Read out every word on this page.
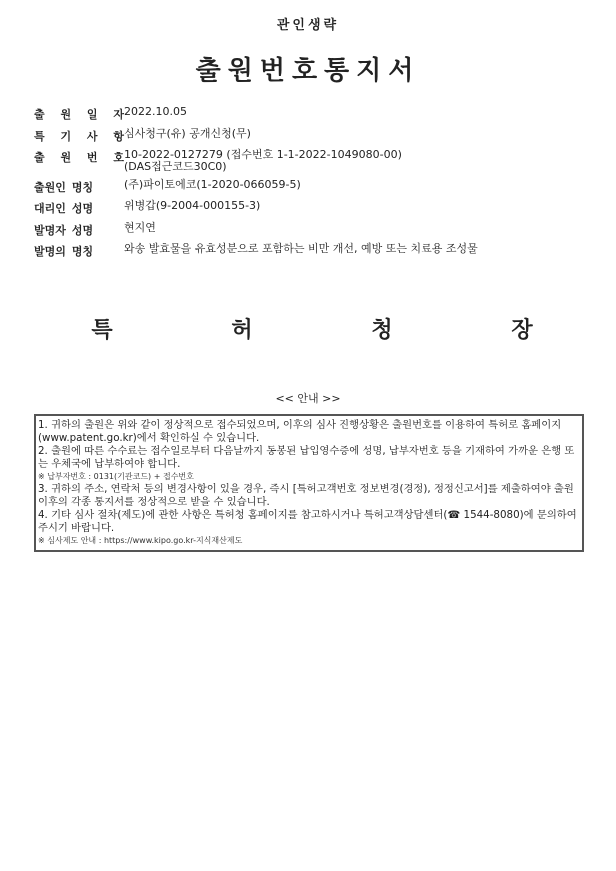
관인생략
출원번호통지서
출 원 일 자 2022.10.05
특 기 사 항 심사청구(유) 공개신청(무)
출 원 번 호 10-2022-0127279 (접수번호 1-1-2022-1049080-00)
(DAS접근코드30C0)
출원인 명칭	(주)파이토에코(1-2020-066059-5)
대리인 성명	위병갑(9-2004-000155-3)
발명자 성명	현지연
발명의 명칭	와송 발효물을 유효성분으로 포함하는 비만 개선, 예방 또는 치료용 조성물
특	허	청	장
<< 안내 >>

1. 귀하의 출원은 위와 같이 정상적으로 접수되었으며, 이후의 심사 진행상황은 출원번호를 이용하여 특허로 홈페이지(www.patent.go.kr)에서 확인하실 수 있습니다.

2. 출원에 따른 수수료는 접수일로부터 다음날까지 동봉된 납입영수증에 성명, 납부자번호 등을 기재하여 가까운 은행 또는 우체국에 납부하여야 합니다.

※ 납부자번호 : 0131(기관코드) + 접수번호

3. 귀하의 주소, 연락처 등의 변경사항이 있을 경우, 즉시 [특허고객번호 정보변경(경정), 정정신고서]를 제출하여야 출원 이후의 각종 통지서를 정상적으로 받을 수 있습니다.

4. 기타 심사 절차(제도)에 관한 사항은 특허청 홈페이지를 참고하시거나 특허고객상담센터(☎ 1544-8080)에 문의하여 주시기 바랍니다.

※ 심사제도 안내 : https://www.kipo.go.kr-지식재산제도
